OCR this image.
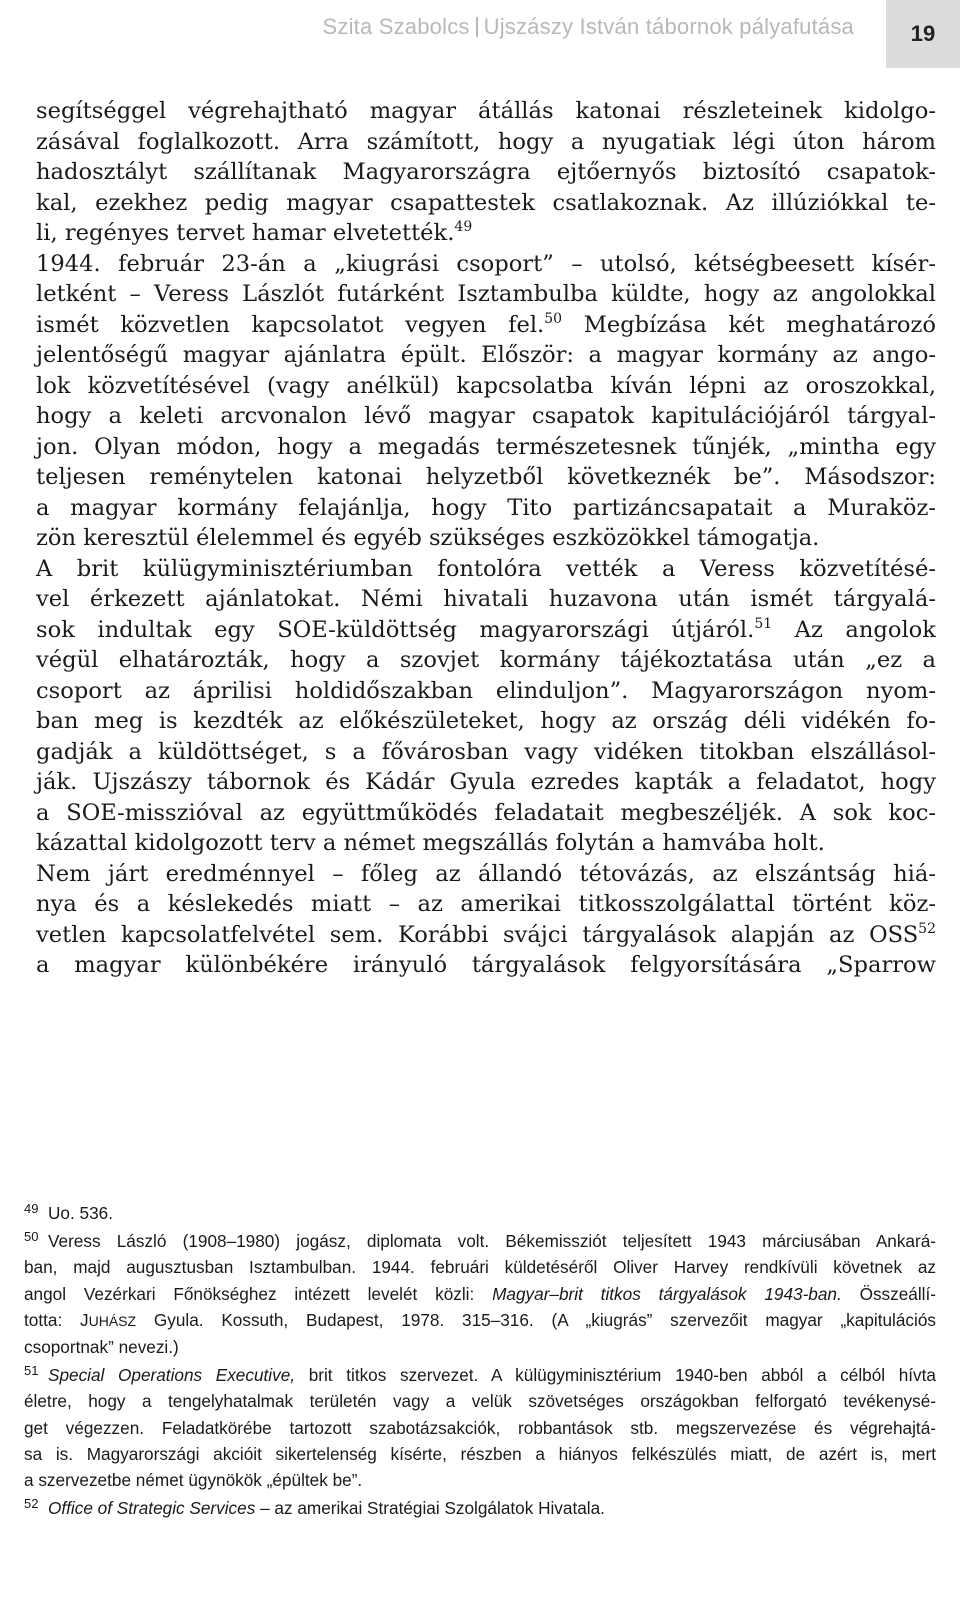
Szita Szabolcs Ujszászy István tábornok pályafutása	19

segítséggel végrehajtható magyar átállás katonai részleteinek kidolgo-
zásával foglalkozott. Arra számított, hogy a nyugatiak légi úton három
hadosztályt szállítanak Magyarországra ejtőernyős biztosító csapatok-
kal, ezekhez pedig magyar csapattestek csatlakoznak. Az illúziókkal te-
li, regényes tervet hamar elvetették.$^{49}$

1944. február 23-án a „kiugrási csoport” – utolsó, kétségbeesett kísér-
letként – Veress Lászlót futárként Isztambulba küldte, hogy az angolokkal
ismét közvetlen kapcsolatot vegyen fel.$^{50}$ Megbízása két meghatározó
jelentőségű magyar ajánlatra épült. Először: a magyar kormány az ango-
lok közvetítésével (vagy anélkül) kapcsolatba kíván lépni az oroszokkal,
hogy a keleti arcvonalon lévő magyar csapatok kapitulációjáról tárgyal-
jon. Olyan módon, hogy a megadás természetesnek tűnjék, „mintha egy
teljesen reménytelen katonai helyzetből következnék be”. Másodszor:
a magyar kormány felajánlja, hogy Tito partizáncsapatait a Muraköz-
zön keresztül élelemmel és egyéb szükséges eszközökkel támogatja.

A brit külügyminisztériumban fontolóra vették a Veress közvetítésé-
vel érkezett ajánlatokat. Némi hivatali huzavona után ismét tárgyalá-
sok indultak egy SOE-küldöttség magyarországi útjáról.$^{51}$ Az angolok
végül elhatározták, hogy a szovjet kormány tájékoztatása után „ez a
csoport az áprilisi holdidőszakban elinduljon”. Magyarországon nyom-
ban meg is kezdték az előkészületeket, hogy az ország déli vidékén fo-
gadják a küldöttséget, s a fővárosban vagy vidéken titokban elszállásol-
ják. Ujszászy tábornok és Kádár Gyula ezredes kapták a feladatot, hogy
a SOE-misszióval az együttműködés feladatait megbeszéljék. A sok koc-
kázattal kidolgozott terv a német megszállás folytán a hamvába holt.

Nem járt eredménnyel – főleg az állandó tétovázás, az elszántság hiá-
nya és a késlekedés miatt – az amerikai titkosszolgálattal történt köz-
vetlen kapcsolatfelvétel sem. Korábbi svájci tárgyalások alapján az OSS$^{52}$
a magyar különbékére irányuló tárgyalások felgyorsítására „Sparrow

49 Uo. 536.
50 Veress László (1908–1980) jogász, diplomata volt. Békemissziót teljesített 1943 márciusában Ankará-
ban, majd augusztusban Isztambulban. 1944. februári küldetéséről Oliver Harvey rendkívüli követnek az
angol Vezérkari Főnökséghez intézett levelét közli: Magyar–brit titkos tárgyalások 1943-ban. Összeállí-
totta: JUHÁSZ Gyula. Kossuth, Budapest, 1978. 315–316. (A „kiugrás” szervezőit magyar „kapitulációs
csoportnak” nevezi.)
51 Special Operations Executive, brit titkos szervezet. A külügyminisztérium 1940-ben abból a célból hívta
életre, hogy a tengelyhatalmak területén vagy a velük szövetséges országokban felforgató tevékenysé-
get végezzen. Feladatkörébe tartozott szabotázsakciók, robbantások stb. megszervezése és végrehajtá-
sa is. Magyarországi akcióit sikertelenség kísérte, részben a hiányos felkészülés miatt, de azért is, mert
a szervezetbe német ügynökök „épültek be”.
52 Office of Strategic Services – az amerikai Stratégiai Szolgálatok Hivatala.
